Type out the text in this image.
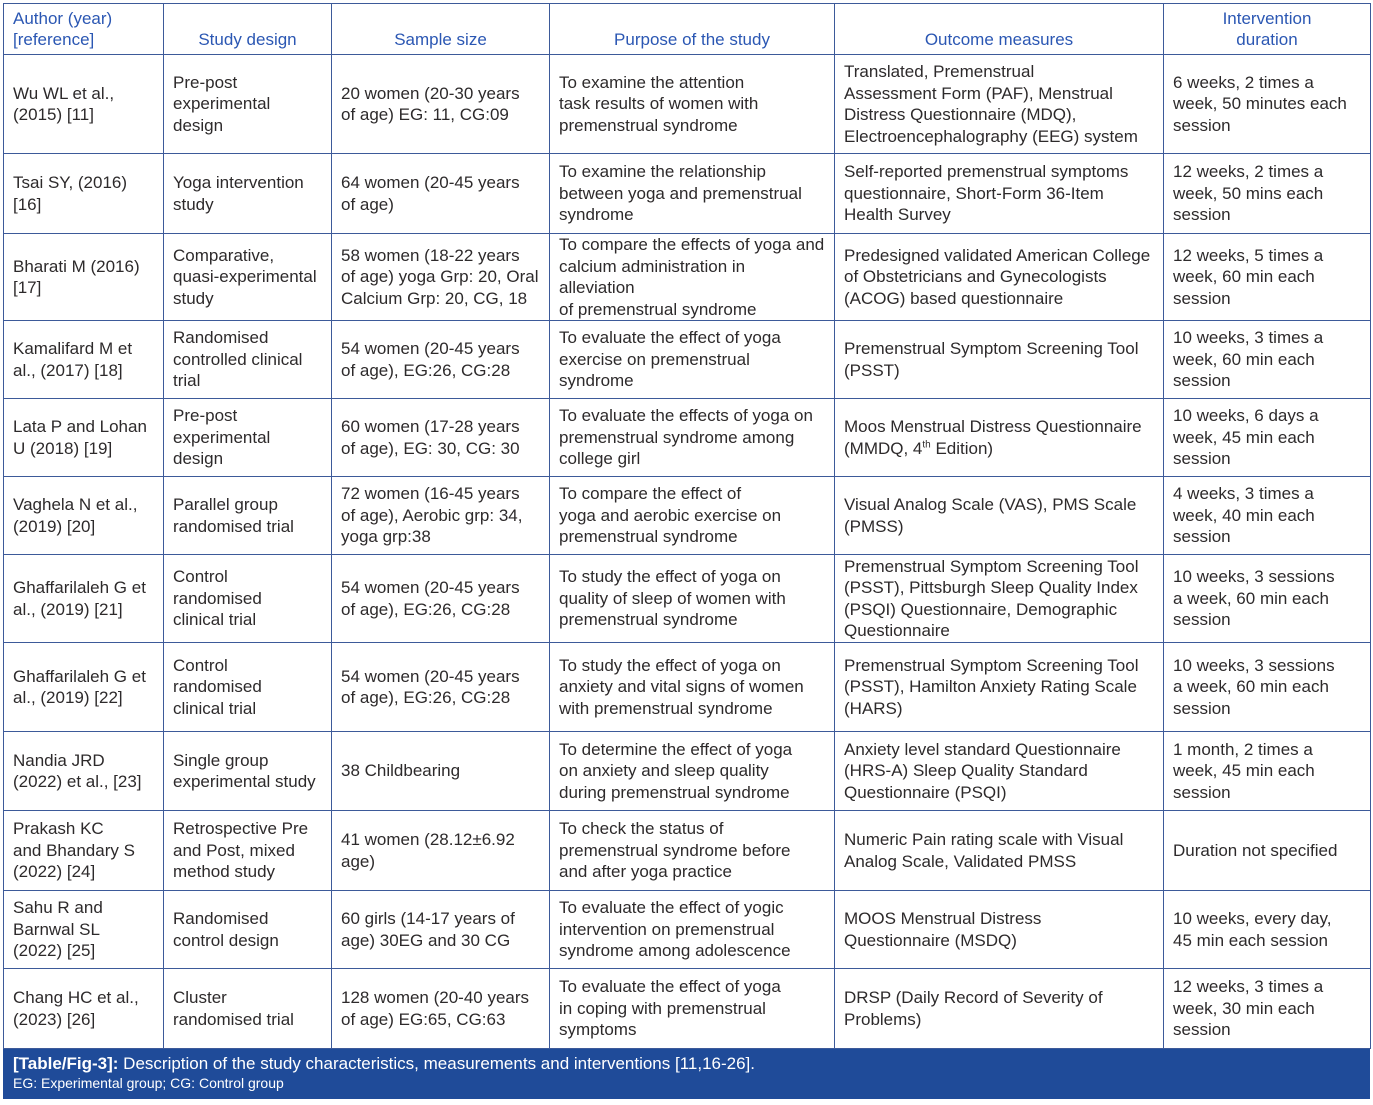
Author (year) [reference]	Study design	Sample size	Purpose of the study	Outcome measures	Intervention duration

Wu WL et al.,
(2015) [11]	Pre-post
experimental
design	20 women (20-30 years
of age) EG: 11, CG:09	To examine the attention
task results of women with
premenstrual syndrome	Translated, Premenstrual
Assessment Form (PAF), Menstrual
Distress Questionnaire (MDQ),
Electroencephalography (EEG) system	6 weeks, 2 times a
week, 50 minutes each
session

Tsai SY, (2016)
[16]	Yoga intervention
study	64 women (20-45 years
of age)	To examine the relationship
between yoga and premenstrual
syndrome	Self-reported premenstrual symptoms
questionnaire, Short-Form 36-Item
Health Survey	12 weeks, 2 times a
week, 50 mins each
session

Bharati M (2016)
[17]	Comparative,
quasi-experimental
study	58 women (18-22 years
of age) yoga Grp: 20, Oral
Calcium Grp: 20, CG, 18	To compare the effects of yoga and
calcium administration in alleviation
of premenstrual syndrome	Predesigned validated American College
of Obstetricians and Gynecologists
(ACOG) based questionnaire	12 weeks, 5 times a
week, 60 min each
session

Kamalifard M et
al., (2017) [18]	Randomised
controlled clinical
trial	54 women (20-45 years
of age), EG:26, CG:28	To evaluate the effect of yoga
exercise on premenstrual
syndrome	Premenstrual Symptom Screening Tool
(PSST)	10 weeks, 3 times a
week, 60 min each
session

Lata P and Lohan
U (2018) [19]	Pre-post
experimental
design	60 women (17-28 years
of age), EG: 30, CG: 30	To evaluate the effects of yoga on
premenstrual syndrome among
college girl	Moos Menstrual Distress Questionnaire
(MMDQ, 4th Edition)	10 weeks, 6 days a
week, 45 min each
session

Vaghela N et al.,
(2019) [20]	Parallel group
randomised trial	72 women (16-45 years
of age), Aerobic grp: 34,
yoga grp:38	To compare the effect of
yoga and aerobic exercise on
premenstrual syndrome	Visual Analog Scale (VAS), PMS Scale
(PMSS)	4 weeks, 3 times a
week, 40 min each
session

Ghaffarilaleh G et
al., (2019) [21]	Control
randomised
clinical trial	54 women (20-45 years
of age), EG:26, CG:28	To study the effect of yoga on
quality of sleep of women with
premenstrual syndrome	Premenstrual Symptom Screening Tool
(PSST), Pittsburgh Sleep Quality Index
(PSQI) Questionnaire, Demographic
Questionnaire	10 weeks, 3 sessions
a week, 60 min each
session

Ghaffarilaleh G et
al., (2019) [22]	Control
randomised
clinical trial	54 women (20-45 years
of age), EG:26, CG:28	To study the effect of yoga on
anxiety and vital signs of women
with premenstrual syndrome	Premenstrual Symptom Screening Tool
(PSST), Hamilton Anxiety Rating Scale
(HARS)	10 weeks, 3 sessions
a week, 60 min each
session

Nandia JRD
(2022) et al., [23]	Single group
experimental study	38 Childbearing	To determine the effect of yoga
on anxiety and sleep quality
during premenstrual syndrome	Anxiety level standard Questionnaire
(HRS-A) Sleep Quality Standard
Questionnaire (PSQI)	1 month, 2 times a
week, 45 min each
session

Prakash KC
and Bhandary S
(2022) [24]	Retrospective Pre
and Post, mixed
method study	41 women (28.12±6.92
age)	To check the status of
premenstrual syndrome before
and after yoga practice	Numeric Pain rating scale with Visual
Analog Scale, Validated PMSS	Duration not specified

Sahu R and
Barnwal SL
(2022) [25]	Randomised
control design	60 girls (14-17 years of
age) 30EG and 30 CG	To evaluate the effect of yogic
intervention on premenstrual
syndrome among adolescence	MOOS Menstrual Distress
Questionnaire (MSDQ)	10 weeks, every day,
45 min each session

Chang HC et al.,
(2023) [26]	Cluster
randomised trial	128 women (20-40 years
of age) EG:65, CG:63	To evaluate the effect of yoga
in coping with premenstrual
symptoms	DRSP (Daily Record of Severity of
Problems)	12 weeks, 3 times a
week, 30 min each
session
[Table/Fig-3]: Description of the study characteristics, measurements and interventions [11,16-26].
EG: Experimental group; CG: Control group
